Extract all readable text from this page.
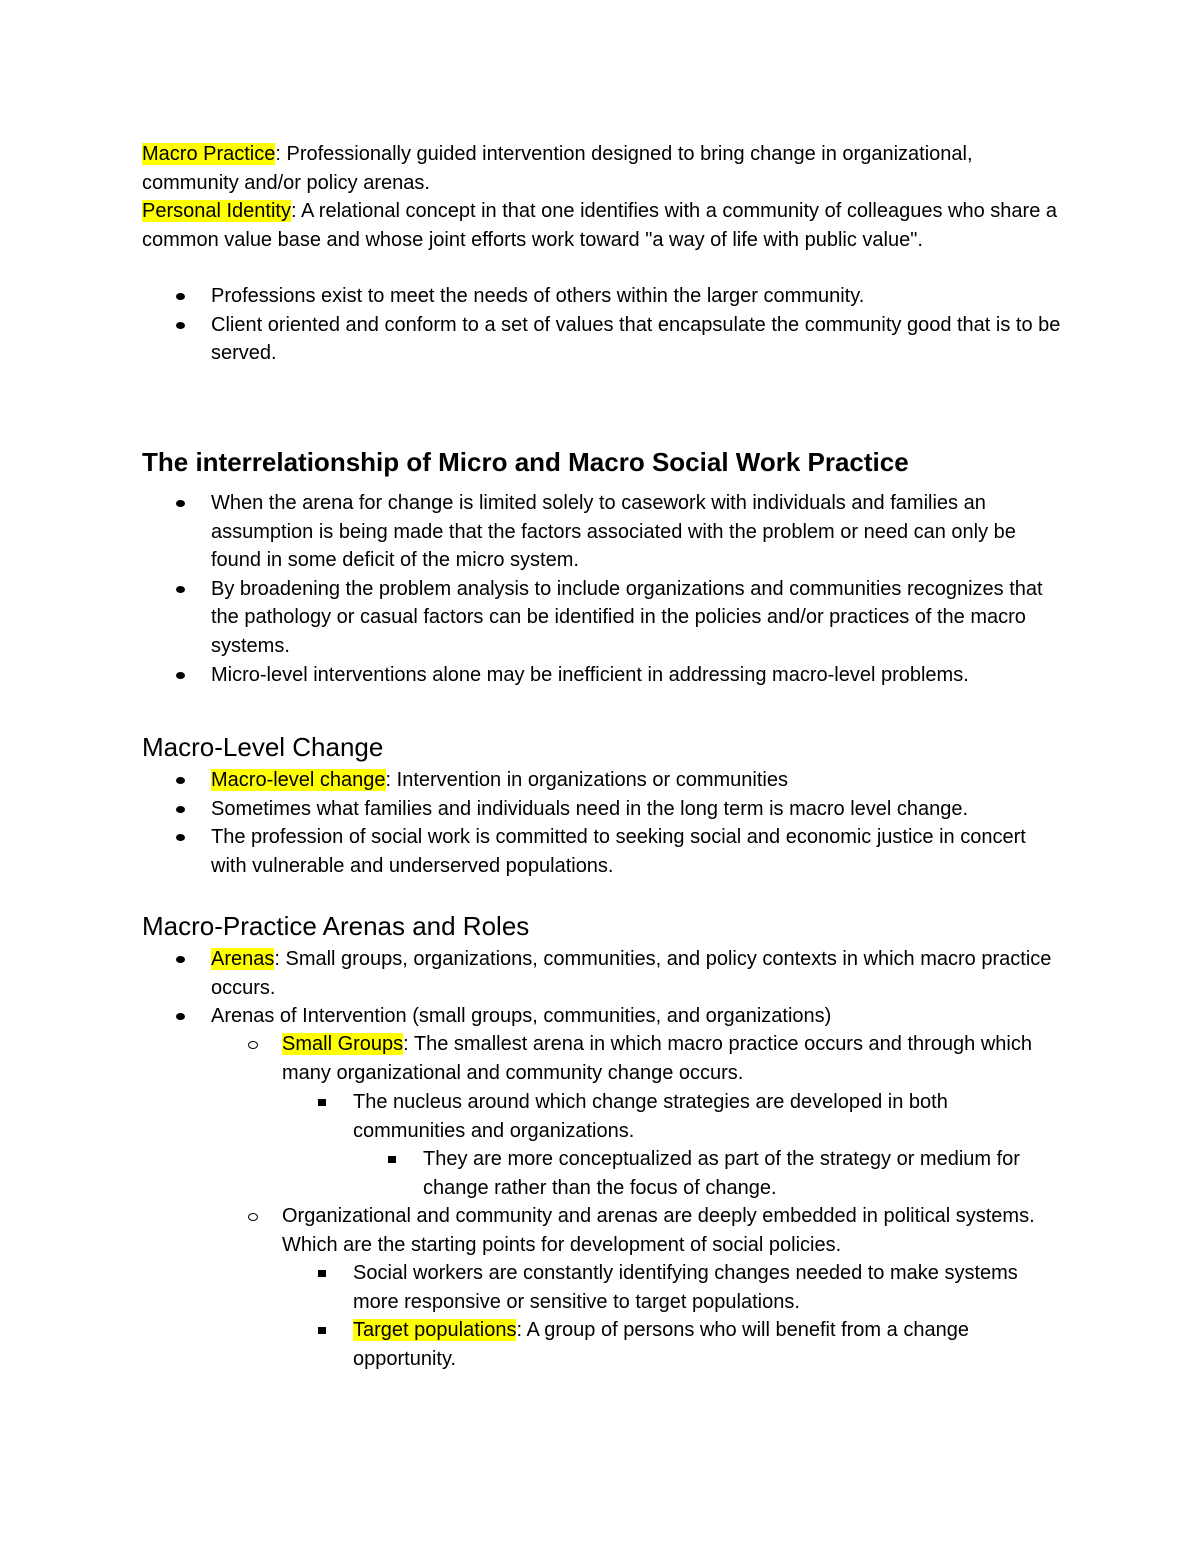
Macro Practice: Professionally guided intervention designed to bring change in organizational, community and/or policy arenas.

Personal Identity: A relational concept in that one identifies with a community of colleagues who share a common value base and whose joint efforts work toward "a way of life with public value".

Professions exist to meet the needs of others within the larger community.
Client oriented and conform to a set of values that encapsulate the community good that is to be served.
The interrelationship of Micro and Macro Social Work Practice
When the arena for change is limited solely to casework with individuals and families an assumption is being made that the factors associated with the problem or need can only be found in some deficit of the micro system.
By broadening the problem analysis to include organizations and communities recognizes that the pathology or casual factors can be identified in the policies and/or practices of the macro systems.
Micro-level interventions alone may be inefficient in addressing macro-level problems.
Macro-Level Change
Macro-level change: Intervention in organizations or communities
Sometimes what families and individuals need in the long term is macro level change.
The profession of social work is committed to seeking social and economic justice in concert with vulnerable and underserved populations.
Macro-Practice Arenas and Roles
Arenas: Small groups, organizations, communities, and policy contexts in which macro practice occurs.
Arenas of Intervention (small groups, communities, and organizations)
Small Groups: The smallest arena in which macro practice occurs and through which many organizational and community change occurs.
The nucleus around which change strategies are developed in both communities and organizations.
They are more conceptualized as part of the strategy or medium for change rather than the focus of change.
Organizational and community and arenas are deeply embedded in political systems. Which are the starting points for development of social policies.
Social workers are constantly identifying changes needed to make systems more responsive or sensitive to target populations.
Target populations: A group of persons who will benefit from a change opportunity.
